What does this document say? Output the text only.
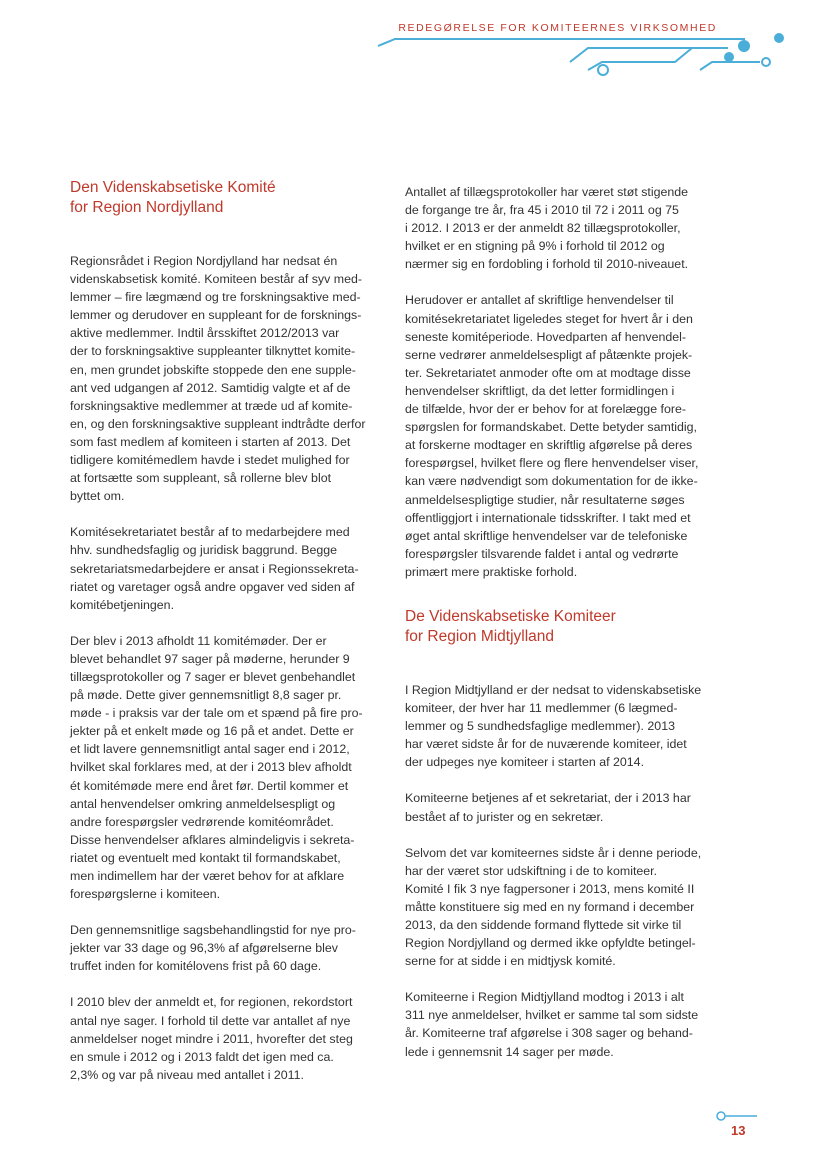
REDEGØRELSE FOR KOMITEERNES VIRKSOMHED
Den Videnskabsetiske Komité
for Region Nordjylland

Regionsrådet i Region Nordjylland har nedsat én
videnskabsetisk komité. Komiteen består af syv med-
lemmer – fire lægmænd og tre forskningsaktive med-
lemmer og derudover en suppleant for de forsknings-
aktive medlemmer. Indtil årsskiftet 2012/2013 var
der to forskningsaktive suppleanter tilknyttet komite-
en, men grundet jobskifte stoppede den ene supple-
ant ved udgangen af 2012. Samtidig valgte et af de
forskningsaktive medlemmer at træde ud af komite-
en, og den forskningsaktive suppleant indtrådte derfor
som fast medlem af komiteen i starten af 2013. Det
tidligere komitémedlem havde i stedet mulighed for
at fortsætte som suppleant, så rollerne blev blot
byttet om.

Komitésekretariatet består af to medarbejdere med
hhv. sundhedsfaglig og juridisk baggrund. Begge
sekretariatsmedarbejdere er ansat i Regionssekreta-
riatet og varetager også andre opgaver ved siden af
komitébetjeningen.

Der blev i 2013 afholdt 11 komitémøder. Der er
blevet behandlet 97 sager på møderne, herunder 9
tillægsprotokoller og 7 sager er blevet genbehandlet
på møde. Dette giver gennemsnitligt 8,8 sager pr.
møde - i praksis var der tale om et spænd på fire pro-
jekter på et enkelt møde og 16 på et andet. Dette er
et lidt lavere gennemsnitligt antal sager end i 2012,
hvilket skal forklares med, at der i 2013 blev afholdt
ét komitémøde mere end året før. Dertil kommer et
antal henvendelser omkring anmeldelsespligt og
andre forespørgsler vedrørende komitéområdet.
Disse henvendelser afklares almindeligvis i sekreta-
riatet og eventuelt med kontakt til formandskabet,
men indimellem har der været behov for at afklare
forespørgslerne i komiteen.

Den gennemsnitlige sagsbehandlingstid for nye pro-
jekter var 33 dage og 96,3% af afgørelserne blev
truffet inden for komitélovens frist på 60 dage.

I 2010 blev der anmeldt et, for regionen, rekordstort
antal nye sager. I forhold til dette var antallet af nye
anmeldelser noget mindre i 2011, hvorefter det steg
en smule i 2012 og i 2013 faldt det igen med ca.
2,3% og var på niveau med antallet i 2011.

Antallet af tillægsprotokoller har været støt stigende
de forgange tre år, fra 45 i 2010 til 72 i 2011 og 75
i 2012. I 2013 er der anmeldt 82 tillægsprotokoller,
hvilket er en stigning på 9% i forhold til 2012 og
nærmer sig en fordobling i forhold til 2010-niveauet.

Herudover er antallet af skriftlige henvendelser til
komitésekretariatet ligeledes steget for hvert år i den
seneste komitéperiode. Hovedparten af henvendel-
serne vedrører anmeldelsespligt af påtænkte projek-
ter. Sekretariatet anmoder ofte om at modtage disse
henvendelser skriftligt, da det letter formidlingen i
de tilfælde, hvor der er behov for at forelægge fore-
spørgslen for formandskabet. Dette betyder samtidig,
at forskerne modtager en skriftlig afgørelse på deres
forespørgsel, hvilket flere og flere henvendelser viser,
kan være nødvendigt som dokumentation for de ikke-
anmeldelsespligtige studier, når resultaterne søges
offentliggjort i internationale tidsskrifter. I takt med et
øget antal skriftlige henvendelser var de telefoniske
forespørgsler tilsvarende faldet i antal og vedrørte
primært mere praktiske forhold.

De Videnskabsetiske Komiteer
for Region Midtjylland

I Region Midtjylland er der nedsat to videnskabsetiske
komiteer, der hver har 11 medlemmer (6 lægmed-
lemmer og 5 sundhedsfaglige medlemmer). 2013
har været sidste år for de nuværende komiteer, idet
der udpeges nye komiteer i starten af 2014.

Komiteerne betjenes af et sekretariat, der i 2013 har
bestået af to jurister og en sekretær.

Selvom det var komiteernes sidste år i denne periode,
har der været stor udskiftning i de to komiteer.
Komité I fik 3 nye fagpersoner i 2013, mens komité II
måtte konstituere sig med en ny formand i december
2013, da den siddende formand flyttede sit virke til
Region Nordjylland og dermed ikke opfyldte betingel-
serne for at sidde i en midtjysk komité.

Komiteerne i Region Midtjylland modtog i 2013 i alt
311 nye anmeldelser, hvilket er samme tal som sidste
år. Komiteerne traf afgørelse i 308 sager og behand-
lede i gennemsnit 14 sager per møde.

13
